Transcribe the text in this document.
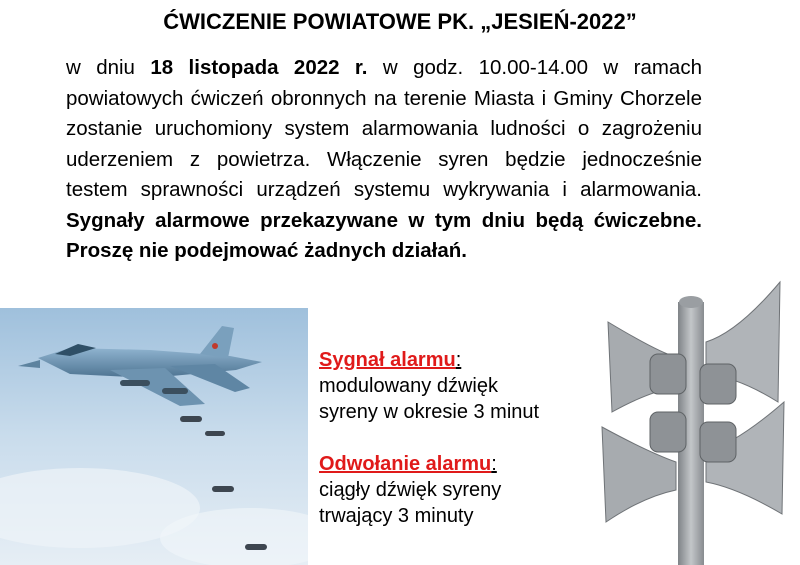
ĆWICZENIE POWIATOWE PK. „JESIEŃ-2022”
w dniu 18 listopada 2022 r. w godz. 10.00-14.00 w ramach powiatowych ćwiczeń obronnych na terenie Miasta i Gminy Chorzele zostanie uruchomiony system alarmowania ludności o zagrożeniu uderzeniem z powietrza. Włączenie syren będzie jednocześnie testem sprawności urządzeń systemu wykrywania i alarmowania. Sygnały alarmowe przekazywane w tym dniu będą ćwiczebne. Proszę nie podejmować żadnych działań.
Sygnał alarmu:
modulowany dźwięk
syreny w okresie 3 minut
Odwołanie alarmu:
ciągły dźwięk syreny
trwający 3 minuty
